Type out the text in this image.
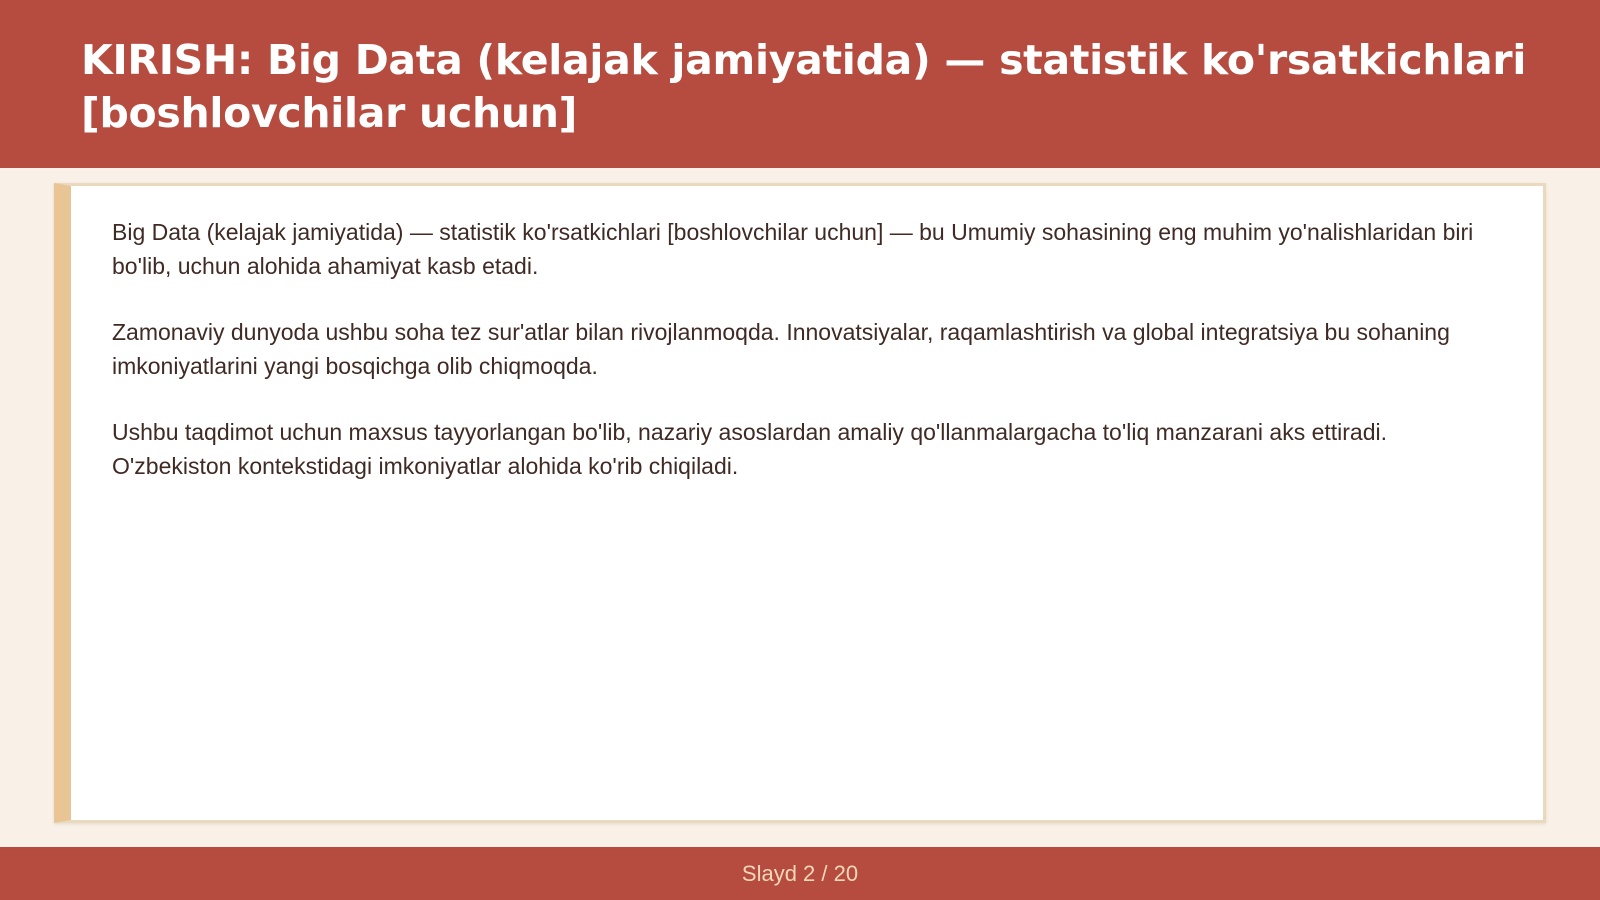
KIRISH: Big Data (kelajak jamiyatida) — statistik ko'rsatkichlari [boshlovchilar uchun]

Big Data (kelajak jamiyatida) — statistik ko'rsatkichlari [boshlovchilar uchun] — bu Umumiy sohasining eng muhim yo'nalishlaridan biri bo'lib, uchun alohida ahamiyat kasb etadi.

Zamonaviy dunyoda ushbu soha tez sur'atlar bilan rivojlanmoqda. Innovatsiyalar, raqamlashtirish va global integratsiya bu sohaning imkoniyatlarini yangi bosqichga olib chiqmoqda.

Ushbu taqdimot uchun maxsus tayyorlangan bo'lib, nazariy asoslardan amaliy qo'llanmalargacha to'liq manzarani aks ettiradi. O'zbekiston kontekstidagi imkoniyatlar alohida ko'rib chiqiladi.

Slayd 2 / 20
